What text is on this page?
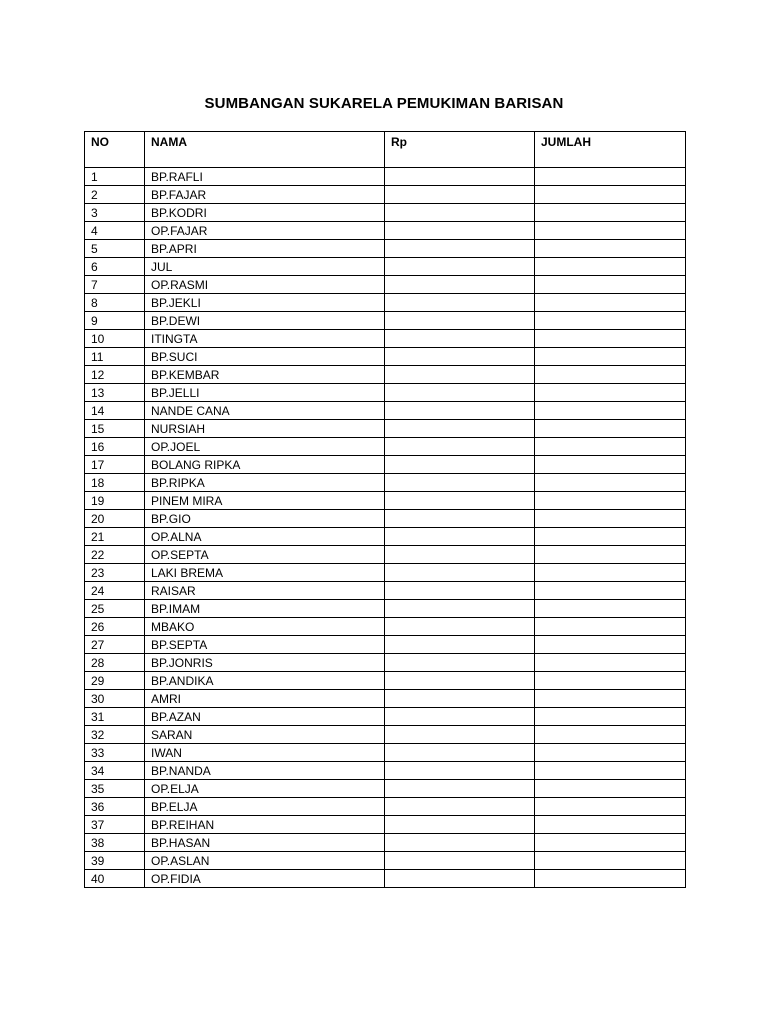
SUMBANGAN SUKARELA PEMUKIMAN BARISAN
NO	NAMA	Rp	JUMLAH
1	BP.RAFLI		
2	BP.FAJAR		
3	BP.KODRI		
4	OP.FAJAR		
5	BP.APRI		
6	JUL		
7	OP.RASMI		
8	BP.JEKLI		
9	BP.DEWI		
10	ITINGTA		
11	BP.SUCI		
12	BP.KEMBAR		
13	BP.JELLI		
14	NANDE CANA		
15	NURSIAH		
16	OP.JOEL		
17	BOLANG RIPKA		
18	BP.RIPKA		
19	PINEM MIRA		
20	BP.GIO		
21	OP.ALNA		
22	OP.SEPTA		
23	LAKI BREMA		
24	RAISAR		
25	BP.IMAM		
26	MBAKO		
27	BP.SEPTA		
28	BP.JONRIS		
29	BP.ANDIKA		
30	AMRI		
31	BP.AZAN		
32	SARAN		
33	IWAN		
34	BP.NANDA		
35	OP.ELJA		
36	BP.ELJA		
37	BP.REIHAN		
38	BP.HASAN		
39	OP.ASLAN		
40	OP.FIDIA		
